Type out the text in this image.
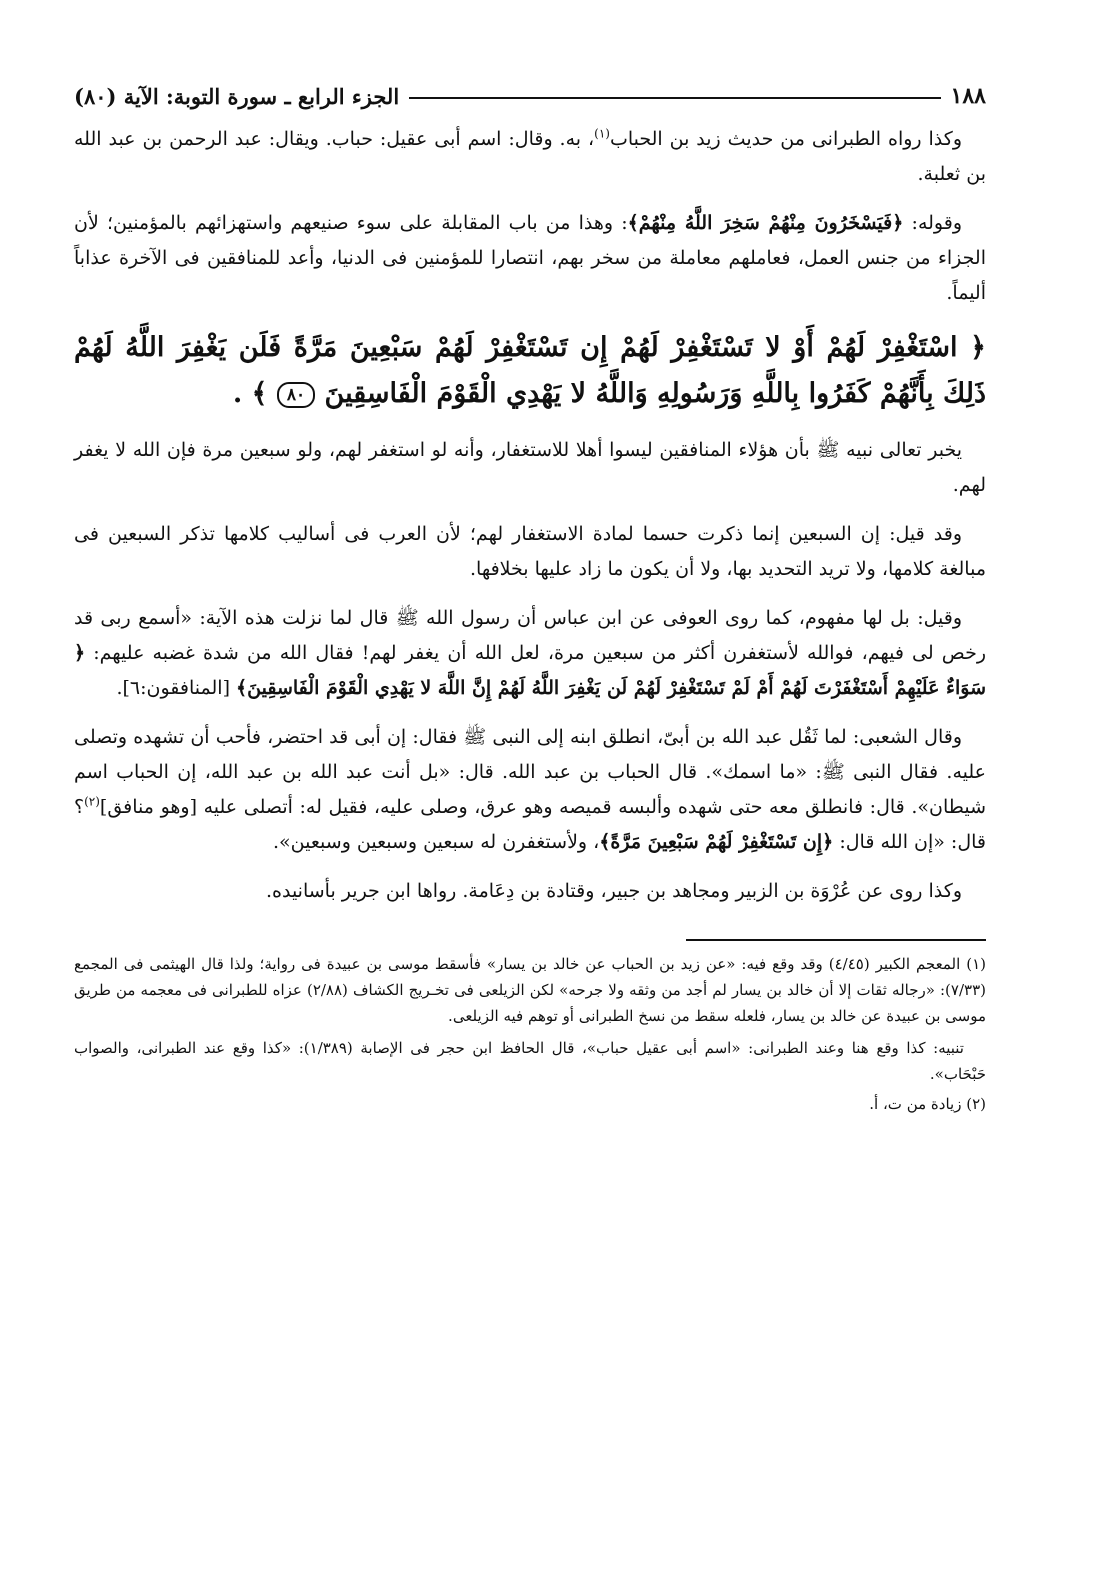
١٨٨
الجزء الرابع ـ سورة التوبة: الآية (٨٠)

وكذا رواه الطبرانى من حديث زيد بن الحباب$^{(١)}$، به. وقال: اسم أبى عقيل: حباب. ويقال: عبد الرحمن بن عبد الله بن ثعلبة.

وقوله: ﴿فَيَسْخَرُونَ مِنْهُمْ سَخِرَ اللَّهُ مِنْهُمْ﴾: وهذا من باب المقابلة على سوء صنيعهم واستهزائهم بالمؤمنين؛ لأن الجزاء من جنس العمل، فعاملهم معاملة من سخر بهم، انتصارا للمؤمنين فى الدنيا، وأعد للمنافقين فى الآخرة عذاباً أليماً.

﴿ اسْتَغْفِرْ لَهُمْ أَوْ لا تَسْتَغْفِرْ لَهُمْ إِن تَسْتَغْفِرْ لَهُمْ سَبْعِينَ مَرَّةً فَلَن يَغْفِرَ اللَّهُ لَهُمْ ذَلِكَ بِأَنَّهُمْ كَفَرُوا بِاللَّهِ وَرَسُولِهِ وَاللَّهُ لا يَهْدِي الْقَوْمَ الْفَاسِقِينَ ٨٠ ﴾ .

يخبر تعالى نبيه ﷺ بأن هؤلاء المنافقين ليسوا أهلا للاستغفار، وأنه لو استغفر لهم، ولو سبعين مرة فإن الله لا يغفر لهم.

وقد قيل: إن السبعين إنما ذكرت حسما لمادة الاستغفار لهم؛ لأن العرب فى أساليب كلامها تذكر السبعين فى مبالغة كلامها، ولا تريد التحديد بها، ولا أن يكون ما زاد عليها بخلافها.

وقيل: بل لها مفهوم، كما روى العوفى عن ابن عباس أن رسول الله ﷺ قال لما نزلت هذه الآية: «أسمع ربى قد رخص لى فيهم، فوالله لأستغفرن أكثر من سبعين مرة، لعل الله أن يغفر لهم! فقال الله من شدة غضبه عليهم: ﴿ سَوَاءٌ عَلَيْهِمْ أَسْتَغْفَرْتَ لَهُمْ أَمْ لَمْ تَسْتَغْفِرْ لَهُمْ لَن يَغْفِرَ اللَّهُ لَهُمْ إِنَّ اللَّهَ لا يَهْدِي الْقَوْمَ الْفَاسِقِينَ﴾ [المنافقون:٦].

وقال الشعبى: لما ثَقُل عبد الله بن أبىّ، انطلق ابنه إلى النبى ﷺ فقال: إن أبى قد احتضر، فأحب أن تشهده وتصلى عليه. فقال النبى ﷺ: «ما اسمك». قال الحباب بن عبد الله. قال: «بل أنت عبد الله بن عبد الله، إن الحباب اسم شيطان». قال: فانطلق معه حتى شهده وألبسه قميصه وهو عرق، وصلى عليه، فقيل له: أتصلى عليه [وهو منافق]$^{(٢)}$؟ قال: «إن الله قال: ﴿إِن تَسْتَغْفِرْ لَهُمْ سَبْعِينَ مَرَّةً﴾، ولأستغفرن له سبعين وسبعين وسبعين».

وكذا روى عن عُرْوَة بن الزبير ومجاهد بن جبير، وقتادة بن دِعَامة. رواها ابن جرير بأسانيده.

(١) المعجم الكبير (٤/٤٥) وقد وقع فيه: «عن زيد بن الحباب عن خالد بن يسار» فأسقط موسى بن عبيدة فى رواية؛ ولذا قال الهيثمى فى المجمع (٧/٣٣): «رجاله ثقات إلا أن خالد بن يسار لم أجد من وثقه ولا جرحه» لكن الزيلعى فى تخـريج الكشاف (٢/٨٨) عزاه للطبرانى فى معجمه من طريق موسى بن عبيدة عن خالد بن يسار، فلعله سقط من نسخ الطبرانى أو توهم فيه الزيلعى.

تنبيه: كذا وقع هنا وعند الطبرانى: «اسم أبى عقيل حباب»، قال الحافظ ابن حجر فى الإصابة (١/٣٨٩): «كذا وقع عند الطبرانى، والصواب حَبْحَاب».

(٢) زيادة من ت، أ.
